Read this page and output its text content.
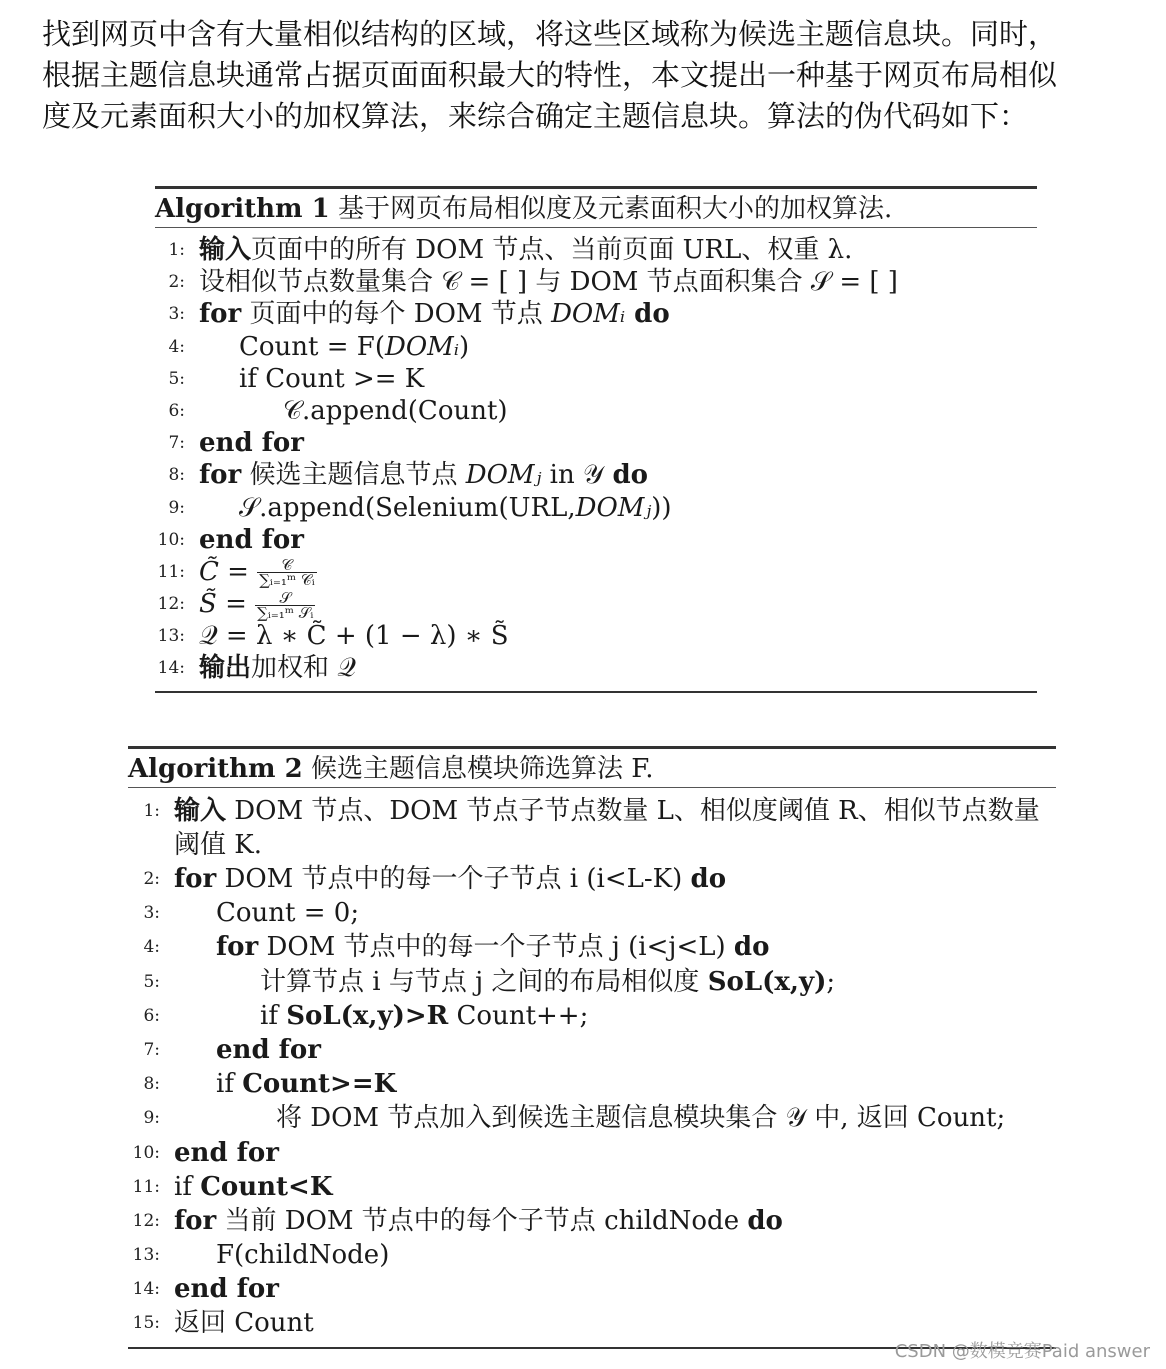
找到网页中含有大量相似结构的区域，将这些区域称为候选主题信息块。同时，
根据主题信息块通常占据页面面积最大的特性，本文提出一种基于网页布局相似
度及元素面积大小的加权算法，来综合确定主题信息块。算法的伪代码如下：
Algorithm 1 基于网页布局相似度及元素面积大小的加权算法.
1: 输入页面中的所有 DOM 节点、当前页面 URL、权重 λ.
2: 设相似节点数量集合 𝒞 = [ ] 与 DOM 节点面积集合 𝒮 = [ ]
3: for 页面中的每个 DOM 节点 DOMᵢ do
4: Count = F(DOMᵢ)
5: if Count >= K
6:	𝒞.append(Count)
7: end for
8: for 候选主题信息节点 DOMⱼ in 𝒴 do
9: 𝒮.append(Selenium(URL,DOMⱼ))
10: end for
11: C̃ = $\frac{\text{𝒞}}{\text{∑ᵢ₌₁ᵐ 𝒞ᵢ}}$
12: S̃ = $\frac{\text{𝒮}}{\text{∑ᵢ₌₁ᵐ 𝒮ᵢ}}$
13: 𝒬 = λ ∗ C̃ + (1 − λ) ∗ S̃
14: 输出加权和 𝒬
Algorithm 2 候选主题信息模块筛选算法 F.
1: 输入 DOM 节点、DOM 节点子节点数量 L、相似度阈值 R、相似节点数量阈值 K.
2: for DOM 节点中的每一个子节点 i (i<L-K) do
3: Count = 0;
4: for DOM 节点中的每一个子节点 j (i<j<L) do
5:	计算节点 i 与节点 j 之间的布局相似度 SoL(x,y);
6:	if SoL(x,y)>R Count++;
7: end for
8: if Count>=K
9:	将 DOM 节点加入到候选主题信息模块集合 𝒴 中, 返回 Count;
10: end for
11: if Count<K
12: for 当前 DOM 节点中的每个子节点 childNode do
13: F(childNode)
14: end for
15: 返回 Count
CSDN @数模竞赛Paid answer
